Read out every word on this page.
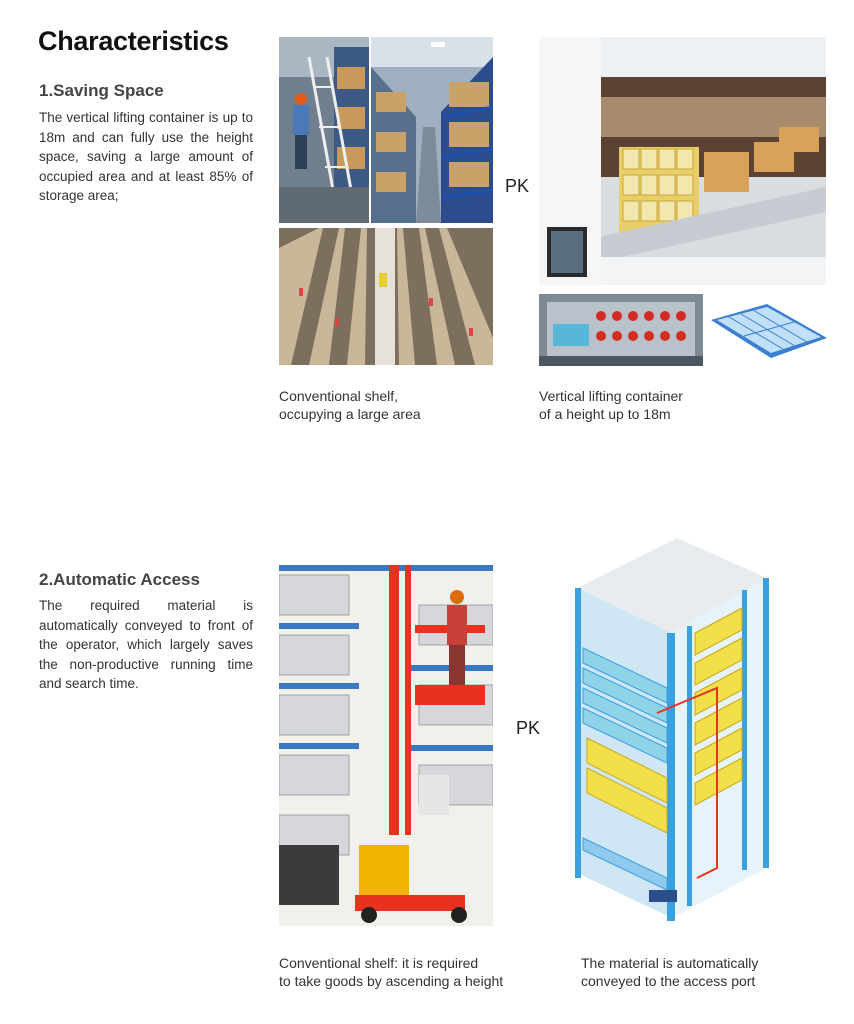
Characteristics
1.Saving Space

The vertical lifting container is up to 18m and can fully use the height space, saving a large amount of occupied area and at least 85% of storage area;	PK
Conventional shelf,
occupying a large area
Vertical lifting container
of a height up to 18m
2.Automatic Access

The required material is automatically conveyed to front of the operator, which largely saves the non-productive running time and search time.

PK
Conventional shelf: it is required
to take goods by ascending a height
The material is automatically
conveyed to the access port
